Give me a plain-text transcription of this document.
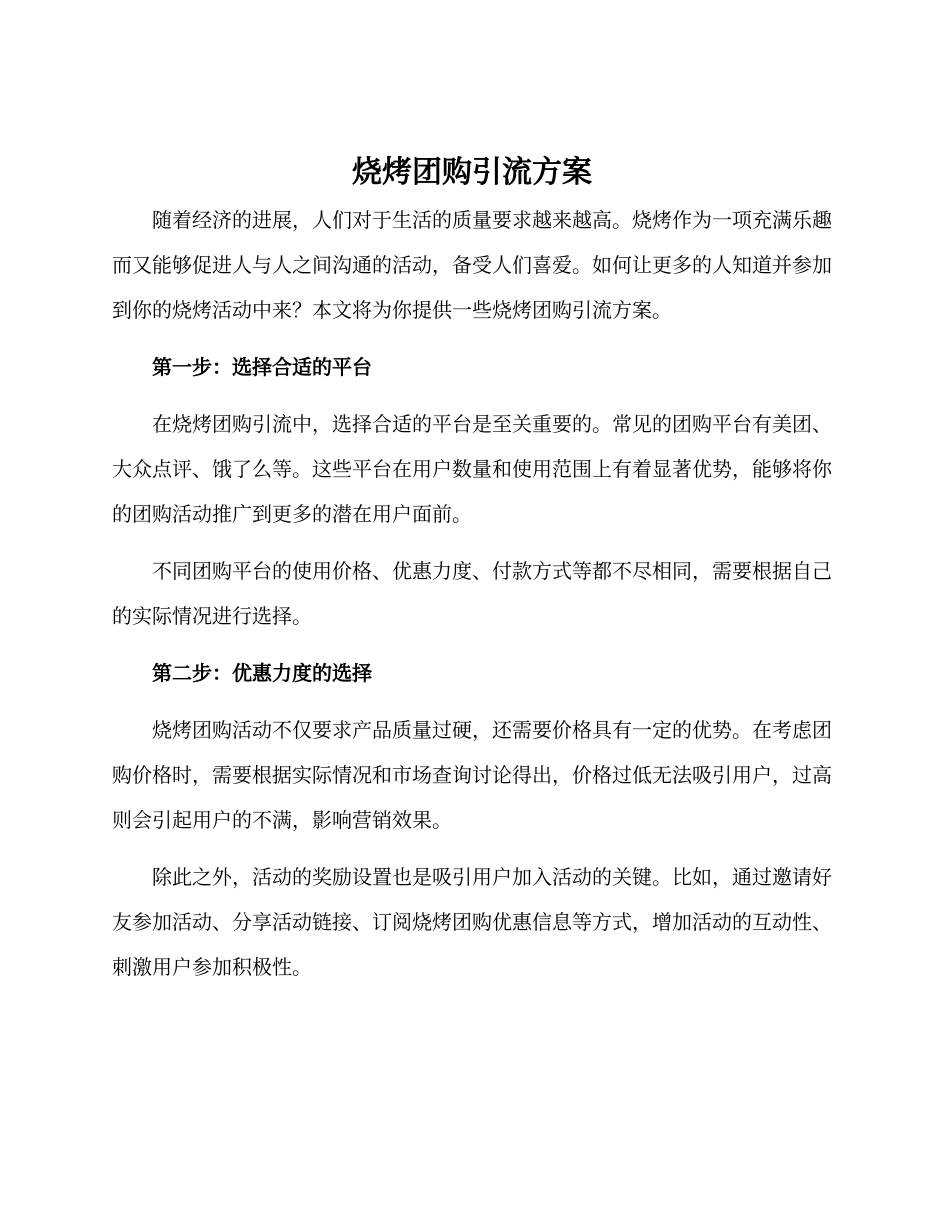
烧烤团购引流方案

随着经济的进展，人们对于生活的质量要求越来越高。烧烤作为一项充满乐趣而又能够促进人与人之间沟通的活动，备受人们喜爱。如何让更多的人知道并参加到你的烧烤活动中来？本文将为你提供一些烧烤团购引流方案。

第一步：选择合适的平台

在烧烤团购引流中，选择合适的平台是至关重要的。常见的团购平台有美团、大众点评、饿了么等。这些平台在用户数量和使用范围上有着显著优势，能够将你的团购活动推广到更多的潜在用户面前。

不同团购平台的使用价格、优惠力度、付款方式等都不尽相同，需要根据自己的实际情况进行选择。

第二步：优惠力度的选择

烧烤团购活动不仅要求产品质量过硬，还需要价格具有一定的优势。在考虑团购价格时，需要根据实际情况和市场查询讨论得出，价格过低无法吸引用户，过高则会引起用户的不满，影响营销效果。

除此之外，活动的奖励设置也是吸引用户加入活动的关键。比如，通过邀请好友参加活动、分享活动链接、订阅烧烤团购优惠信息等方式，增加活动的互动性、刺激用户参加积极性。
